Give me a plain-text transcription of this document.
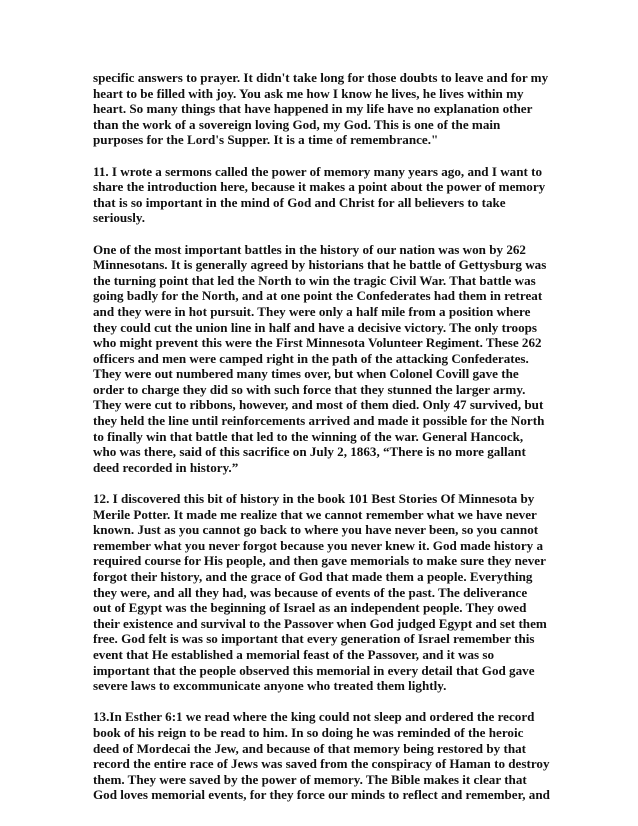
specific answers to prayer. It didn't take long for those doubts to leave and for my
heart to be filled with joy. You ask me how I know he lives, he lives within my
heart. So many things that have happened in my life have no explanation other
than the work of a sovereign loving God, my God. This is one of the main
purposes for the Lord's Supper. It is a time of remembrance."
11. I wrote a sermons called the power of memory many years ago, and I want to
share the introduction here, because it makes a point about the power of memory
that is so important in the mind of God and Christ for all believers to take
seriously.
One of the most important battles in the history of our nation was won by 262
Minnesotans. It is generally agreed by historians that he battle of Gettysburg was
the turning point that led the North to win the tragic Civil War. That battle was
going badly for the North, and at one point the Confederates had them in retreat
and they were in hot pursuit. They were only a half mile from a position where
they could cut the union line in half and have a decisive victory. The only troops
who might prevent this were the First Minnesota Volunteer Regiment. These 262
officers and men were camped right in the path of the attacking Confederates.
They were out numbered many times over, but when Colonel Covill gave the
order to charge they did so with such force that they stunned the larger army.
They were cut to ribbons, however, and most of them died. Only 47 survived, but
they held the line until reinforcements arrived and made it possible for the North
to finally win that battle that led to the winning of the war. General Hancock,
who was there, said of this sacrifice on July 2, 1863, “There is no more gallant
deed recorded in history.”
12. I discovered this bit of history in the book 101 Best Stories Of Minnesota by
Merile Potter. It made me realize that we cannot remember what we have never
known. Just as you cannot go back to where you have never been, so you cannot
remember what you never forgot because you never knew it. God made history a
required course for His people, and then gave memorials to make sure they never
forgot their history, and the grace of God that made them a people. Everything
they were, and all they had, was because of events of the past. The deliverance
out of Egypt was the beginning of Israel as an independent people. They owed
their existence and survival to the Passover when God judged Egypt and set them
free. God felt is was so important that every generation of Israel remember this
event that He established a memorial feast of the Passover, and it was so
important that the people observed this memorial in every detail that God gave
severe laws to excommunicate anyone who treated them lightly.
13.In Esther 6:1 we read where the king could not sleep and ordered the record
book of his reign to be read to him. In so doing he was reminded of the heroic
deed of Mordecai the Jew, and because of that memory being restored by that
record the entire race of Jews was saved from the conspiracy of Haman to destroy
them. They were saved by the power of memory. The Bible makes it clear that
God loves memorial events, for they force our minds to reflect and remember, and
